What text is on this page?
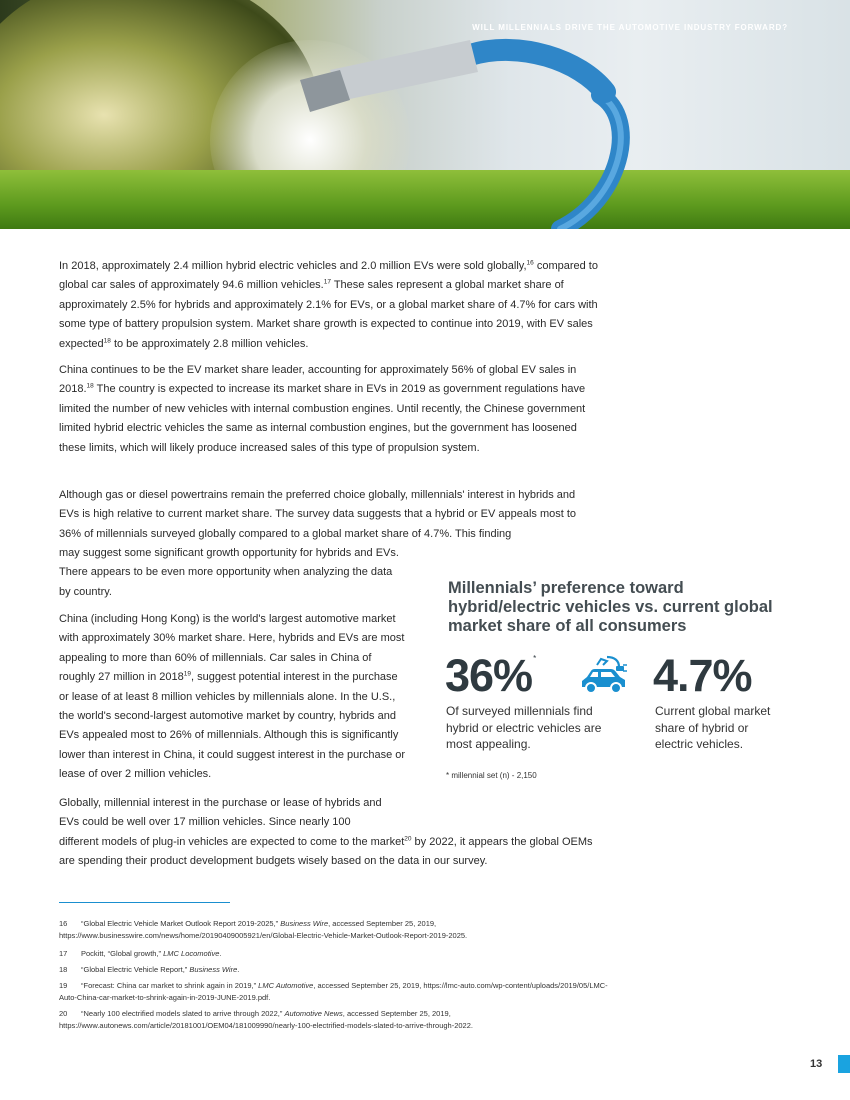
WILL MILLENNIALS DRIVE THE AUTOMOTIVE INDUSTRY FORWARD?

In 2018, approximately 2.4 million hybrid electric vehicles and 2.0 million EVs were sold globally,$^{16}$ compared to global car sales of approximately 94.6 million vehicles.$^{17}$ These sales represent a global market share of approximately 2.5% for hybrids and approximately 2.1% for EVs, or a global market share of 4.7% for cars with some type of battery propulsion system. Market share growth is expected to continue into 2019, with EV sales expected$^{18}$ to be approximately 2.8 million vehicles.

China continues to be the EV market share leader, accounting for approximately 56% of global EV sales in 2018.18 The country is expected to increase its market share in EVs in 2019 as government regulations have limited the number of new vehicles with internal combustion engines. Until recently, the Chinese government limited hybrid electric vehicles the same as internal combustion engines, but the government has loosened these limits, which will likely produce increased sales of this type of propulsion system.

Although gas or diesel powertrains remain the preferred choice globally, millennials' interest in hybrids and EVs is high relative to current market share. The survey data suggests that a hybrid or EV appeals most to 36% of millennials surveyed globally compared to a global market share of 4.7%. This finding

may suggest some significant growth opportunity for hybrids and EVs. There appears to be even more opportunity when analyzing the data by country.

China (including Hong Kong) is the world's largest automotive market with approximately 30% market share. Here, hybrids and EVs are most appealing to more than 60% of millennials. Car sales in China of roughly 27 million in 2018$^{19}$, suggest potential interest in the purchase or lease of at least 8 million vehicles by millennials alone. In the U.S., the world's second-largest automotive market by country, hybrids and EVs appealed most to 26% of millennials. Although this is significantly lower than interest in China, it could suggest interest in the purchase or lease of over 2 million vehicles.

Globally, millennial interest in the purchase or lease of hybrids and EVs could be well over 17 million vehicles. Since nearly 100

different models of plug-in vehicles are expected to come to the market$^{20}$ by 2022, it appears the global OEMs are spending their product development budgets wisely based on the data in our survey.

Millennials’ preference toward hybrid/electric vehicles vs. current global market share of all consumers
36%*	4.7%
Of surveyed millennials find hybrid or electric vehicles are most appealing.
Current global market share of hybrid or electric vehicles.
* millennial set (n) - 2,150
16 “Global Electric Vehicle Market Outlook Report 2019-2025,” Business Wire, accessed September 25, 2019, https://www.businesswire.com/news/home/20190409005921/en/Global-Electric-Vehicle-Market-Outlook-Report-2019-2025.
17 Pockitt, “Global growth,” LMC Locomotive.
18 “Global Electric Vehicle Report,” Business Wire.
19 “Forecast: China car market to shrink again in 2019,” LMC Automotive, accessed September 25, 2019, https://lmc-auto.com/wp-content/uploads/2019/05/LMC-Auto-China-car-market-to-shrink-again-in-2019-JUNE-2019.pdf.
20 “Nearly 100 electrified models slated to arrive through 2022,” Automotive News, accessed September 25, 2019, https://www.autonews.com/article/20181001/OEM04/181009990/nearly-100-electrified-models-slated-to-arrive-through-2022.
13
